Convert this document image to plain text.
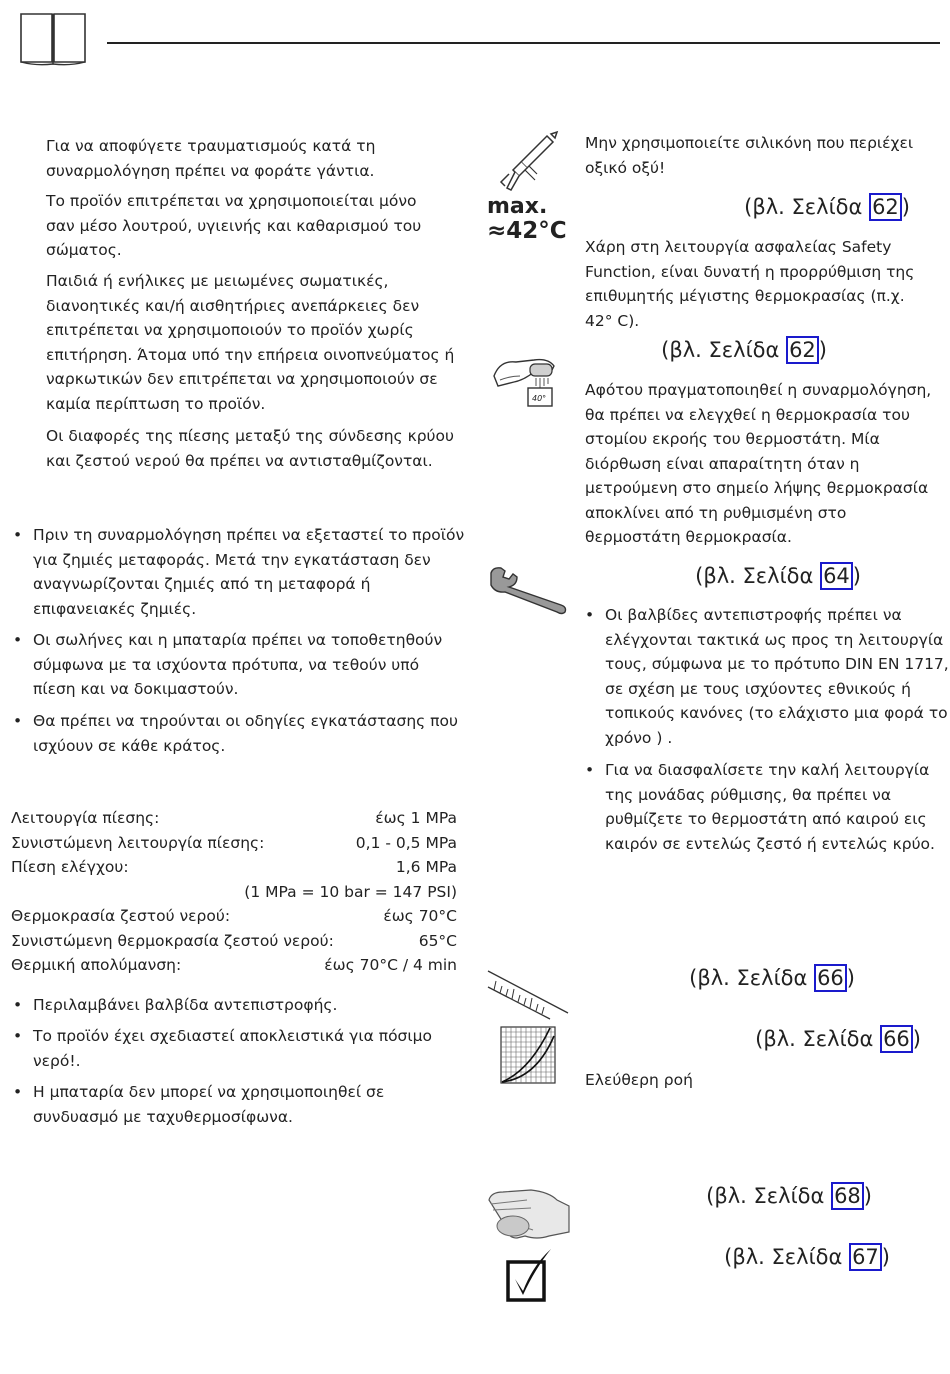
Για να αποφύγετε τραυματισμούς κατά τη συναρμολόγηση πρέπει να φοράτε γάντια.

Το προϊόν επιτρέπεται να χρησιμοποιείται μόνο σαν μέσο λουτρού, υγιεινής και καθαρισμού του σώματος.

Παιδιά ή ενήλικες με μειωμένες σωματικές, διανοητικές και/ή αισθητήριες ανεπάρκειες δεν επιτρέπεται να χρησιμοποιούν το προϊόν χωρίς επιτήρηση. Άτομα υπό την επήρεια οινοπνεύματος ή ναρκωτικών δεν επιτρέπεται να χρησιμοποιούν σε καμία περίπτωση το προϊόν.

Οι διαφορές της πίεσης μεταξύ της σύνδεσης κρύου και ζεστού νερού θα πρέπει να αντισταθμίζονται.

• Πριν τη συναρμολόγηση πρέπει να εξεταστεί το προϊόν για ζημιές μεταφοράς. Μετά την εγκατάσταση δεν αναγνωρίζονται ζημιές από τη μεταφορά ή επιφανειακές ζημιές.

• Οι σωλήνες και η μπαταρία πρέπει να τοποθετηθούν σύμφωνα με τα ισχύοντα πρότυπα, να τεθούν υπό πίεση και να δοκιμαστούν.

• Θα πρέπει να τηρούνται οι οδηγίες εγκατάστασης που ισχύουν σε κάθε κράτος.

Λειτουργία πίεσης:	έως 1 MPa
Συνιστώμενη λειτουργία πίεσης:	0,1 - 0,5 MPa
Πίεση ελέγχου:	1,6 MPa
(1 MPa = 10 bar = 147 PSI)
Θερμοκρασία ζεστού νερού:	έως 70°C
Συνιστώμενη θερμοκρασία ζεστού νερού:	65°C
Θερμική απολύμανση:	έως 70°C / 4 min

• Περιλαμβάνει βαλβίδα αντεπιστροφής.

• Το προϊόν έχει σχεδιαστεί αποκλειστικά για πόσιμο νερό!.

• Η μπαταρία δεν μπορεί να χρησιμοποιηθεί σε συνδυασμό με ταχυθερμοσίφωνα.

max.
≈42°C
40°

Μην χρησιμοποιείτε σιλικόνη που περιέχει οξικό οξύ!

(βλ. Σελίδα 62 )

Χάρη στη λειτουργία ασφαλείας Safety Function, είναι δυνατή η προρρύθμιση της επιθυμητής μέγιστης θερμοκρασίας (π.χ. 42° C).

(βλ. Σελίδα 62 )

Αφότου πραγματοποιηθεί η συναρμολόγηση, θα πρέπει να ελεγχθεί η θερμοκρασία του στομίου εκροής του θερμοστάτη. Μία διόρθωση είναι απαραίτητη όταν η μετρούμενη στο σημείο λήψης θερμοκρασία αποκλίνει από τη ρυθμισμένη στο θερμοστάτη θερμοκρασία.

(βλ. Σελίδα 64 )

• Οι βαλβίδες αντεπιστροφής πρέπει να ελέγχονται τακτικά ως προς τη λειτουργία τους, σύμφωνα με το πρότυπο DIN EN 1717, σε σχέση με τους ισχύοντες εθνικούς ή τοπικούς κανόνες (το ελάχιστο μια φορά το χρόνο ) .

• Για να διασφαλίσετε την καλή λειτουργία της μονάδας ρύθμισης, θα πρέπει να ρυθμίζετε το θερμοστάτη από καιρού εις καιρόν σε εντελώς ζεστό ή εντελώς κρύο.

(βλ. Σελίδα 66 )
(βλ. Σελίδα 66 )

Ελεύθερη ροή

(βλ. Σελίδα 68 )
(βλ. Σελίδα 67 )
